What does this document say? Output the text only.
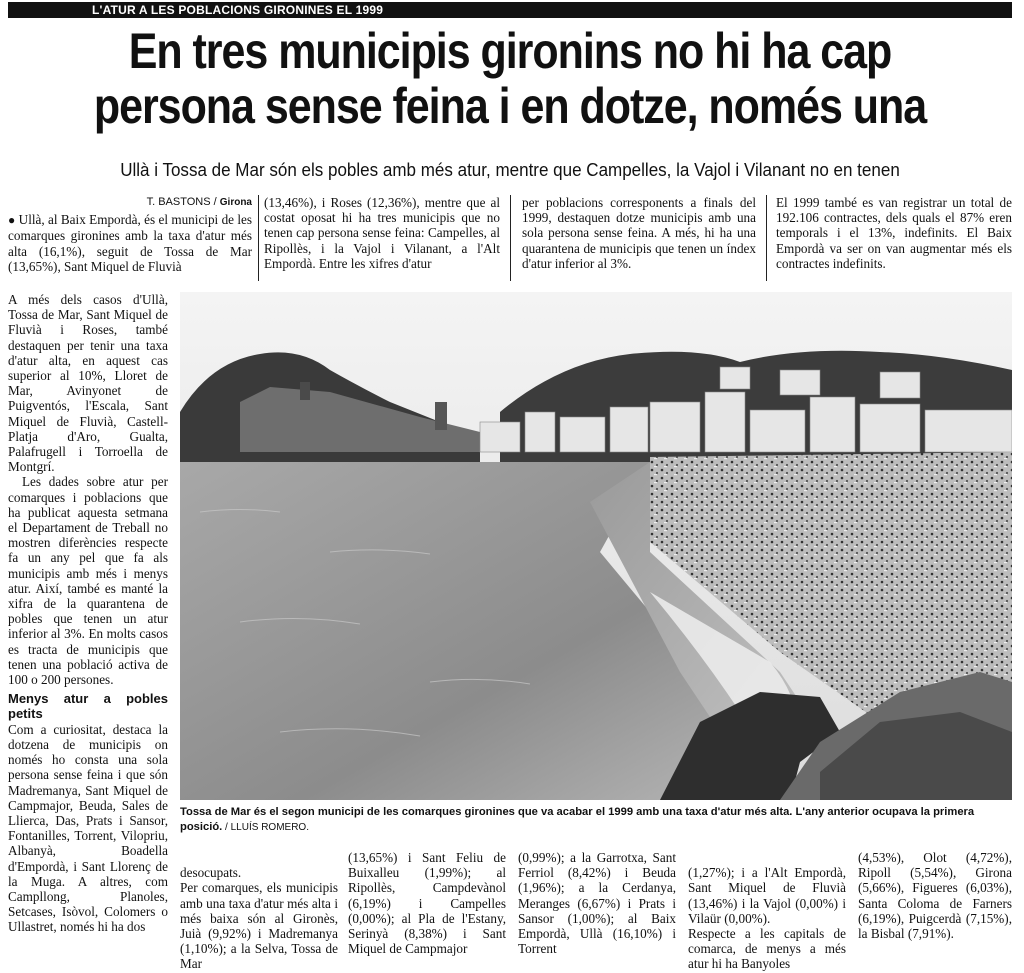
L'ATUR A LES POBLACIONS GIRONINES EL 1999
En tres municipis gironins no hi ha cap
persona sense feina i en dotze, només una
Ullà i Tossa de Mar són els pobles amb més atur, mentre que Campelles, la Vajol i Vilanant no en tenen
T. BASTONS / Girona

● Ullà, al Baix Empordà, és el municipi de les comarques gironines amb la taxa d'atur més alta (16,1%), seguit de Tossa de Mar (13,65%), Sant Miquel de Fluvià

(13,46%), i Roses (12,36%), mentre que al costat oposat hi ha tres municipis que no tenen cap persona sense feina: Campelles, al Ripollès, i la Vajol i Vilanant, a l'Alt Empordà. Entre les xifres d'atur

per poblacions corresponents a finals del 1999, destaquen dotze municipis amb una sola persona sense feina. A més, hi ha una quarantena de municipis que tenen un índex d'atur inferior al 3%.

El 1999 també es van registrar un total de 192.106 contractes, dels quals el 87% eren temporals i el 13%, indefinits. El Baix Empordà va ser on van augmentar més els contractes indefinits.

A més dels casos d'Ullà, Tossa de Mar, Sant Miquel de Fluvià i Roses, també destaquen per tenir una taxa d'atur alta, en aquest cas superior al 10%, Lloret de Mar, Avinyonet de Puigventós, l'Escala, Sant Miquel de Fluvià, Castell-Platja d'Aro, Gualta, Palafrugell i Torroella de Montgrí.

Les dades sobre atur per comarques i poblacions que ha publicat aquesta setmana el Departament de Treball no mostren diferències respecte fa un any pel que fa als municipis amb més i menys atur. Així, també es manté la xifra de la quarantena de pobles que tenen un atur inferior al 3%. En molts casos es tracta de municipis que tenen una població activa de 100 o 200 persones.

Menys atur a pobles petits

Com a curiositat, destaca la dotzena de municipis on només ho consta una sola persona sense feina i que són Madremanya, Sant Miquel de Campmajor, Beuda, Sales de Llierca, Das, Prats i Sansor, Fontanilles, Torrent, Vilopriu, Albanyà, Boadella d'Empordà, i Sant Llorenç de la Muga. A altres, com Campllong, Planoles, Setcases, Isòvol, Colomers o Ullastret, només hi ha dos

Tossa de Mar és el segon municipi de les comarques gironines que va acabar el 1999 amb una taxa d'atur més alta. L'any anterior ocupava la primera posició. / LLUÍS ROMERO.

desocupats.
Per comarques, els municipis amb una taxa d'atur més alta i més baixa són al Gironès, Juià (9,92%) i Madremanya (1,10%); a la Selva, Tossa de Mar

(13,65%) i Sant Feliu de Buixalleu (1,99%); al Ripollès, Campdevànol (6,19%) i Campelles (0,00%); al Pla de l'Estany, Serinyà (8,38%) i Sant Miquel de Campmajor

(0,99%); a la Garrotxa, Sant Ferriol (8,42%) i Beuda (1,96%); a la Cerdanya, Meranges (6,67%) i Prats i Sansor (1,00%); al Baix Empordà, Ullà (16,10%) i Torrent

(1,27%); i a l'Alt Empordà, Sant Miquel de Fluvià (13,46%) i la Vajol (0,00%) i Vilaür (0,00%).
Respecte a les capitals de comarca, de menys a més atur hi ha Banyoles

(4,53%), Olot (4,72%), Ripoll (5,54%), Girona (5,66%), Figueres (6,03%), Santa Coloma de Farners (6,19%), Puigcerdà (7,15%), la Bisbal (7,91%).
